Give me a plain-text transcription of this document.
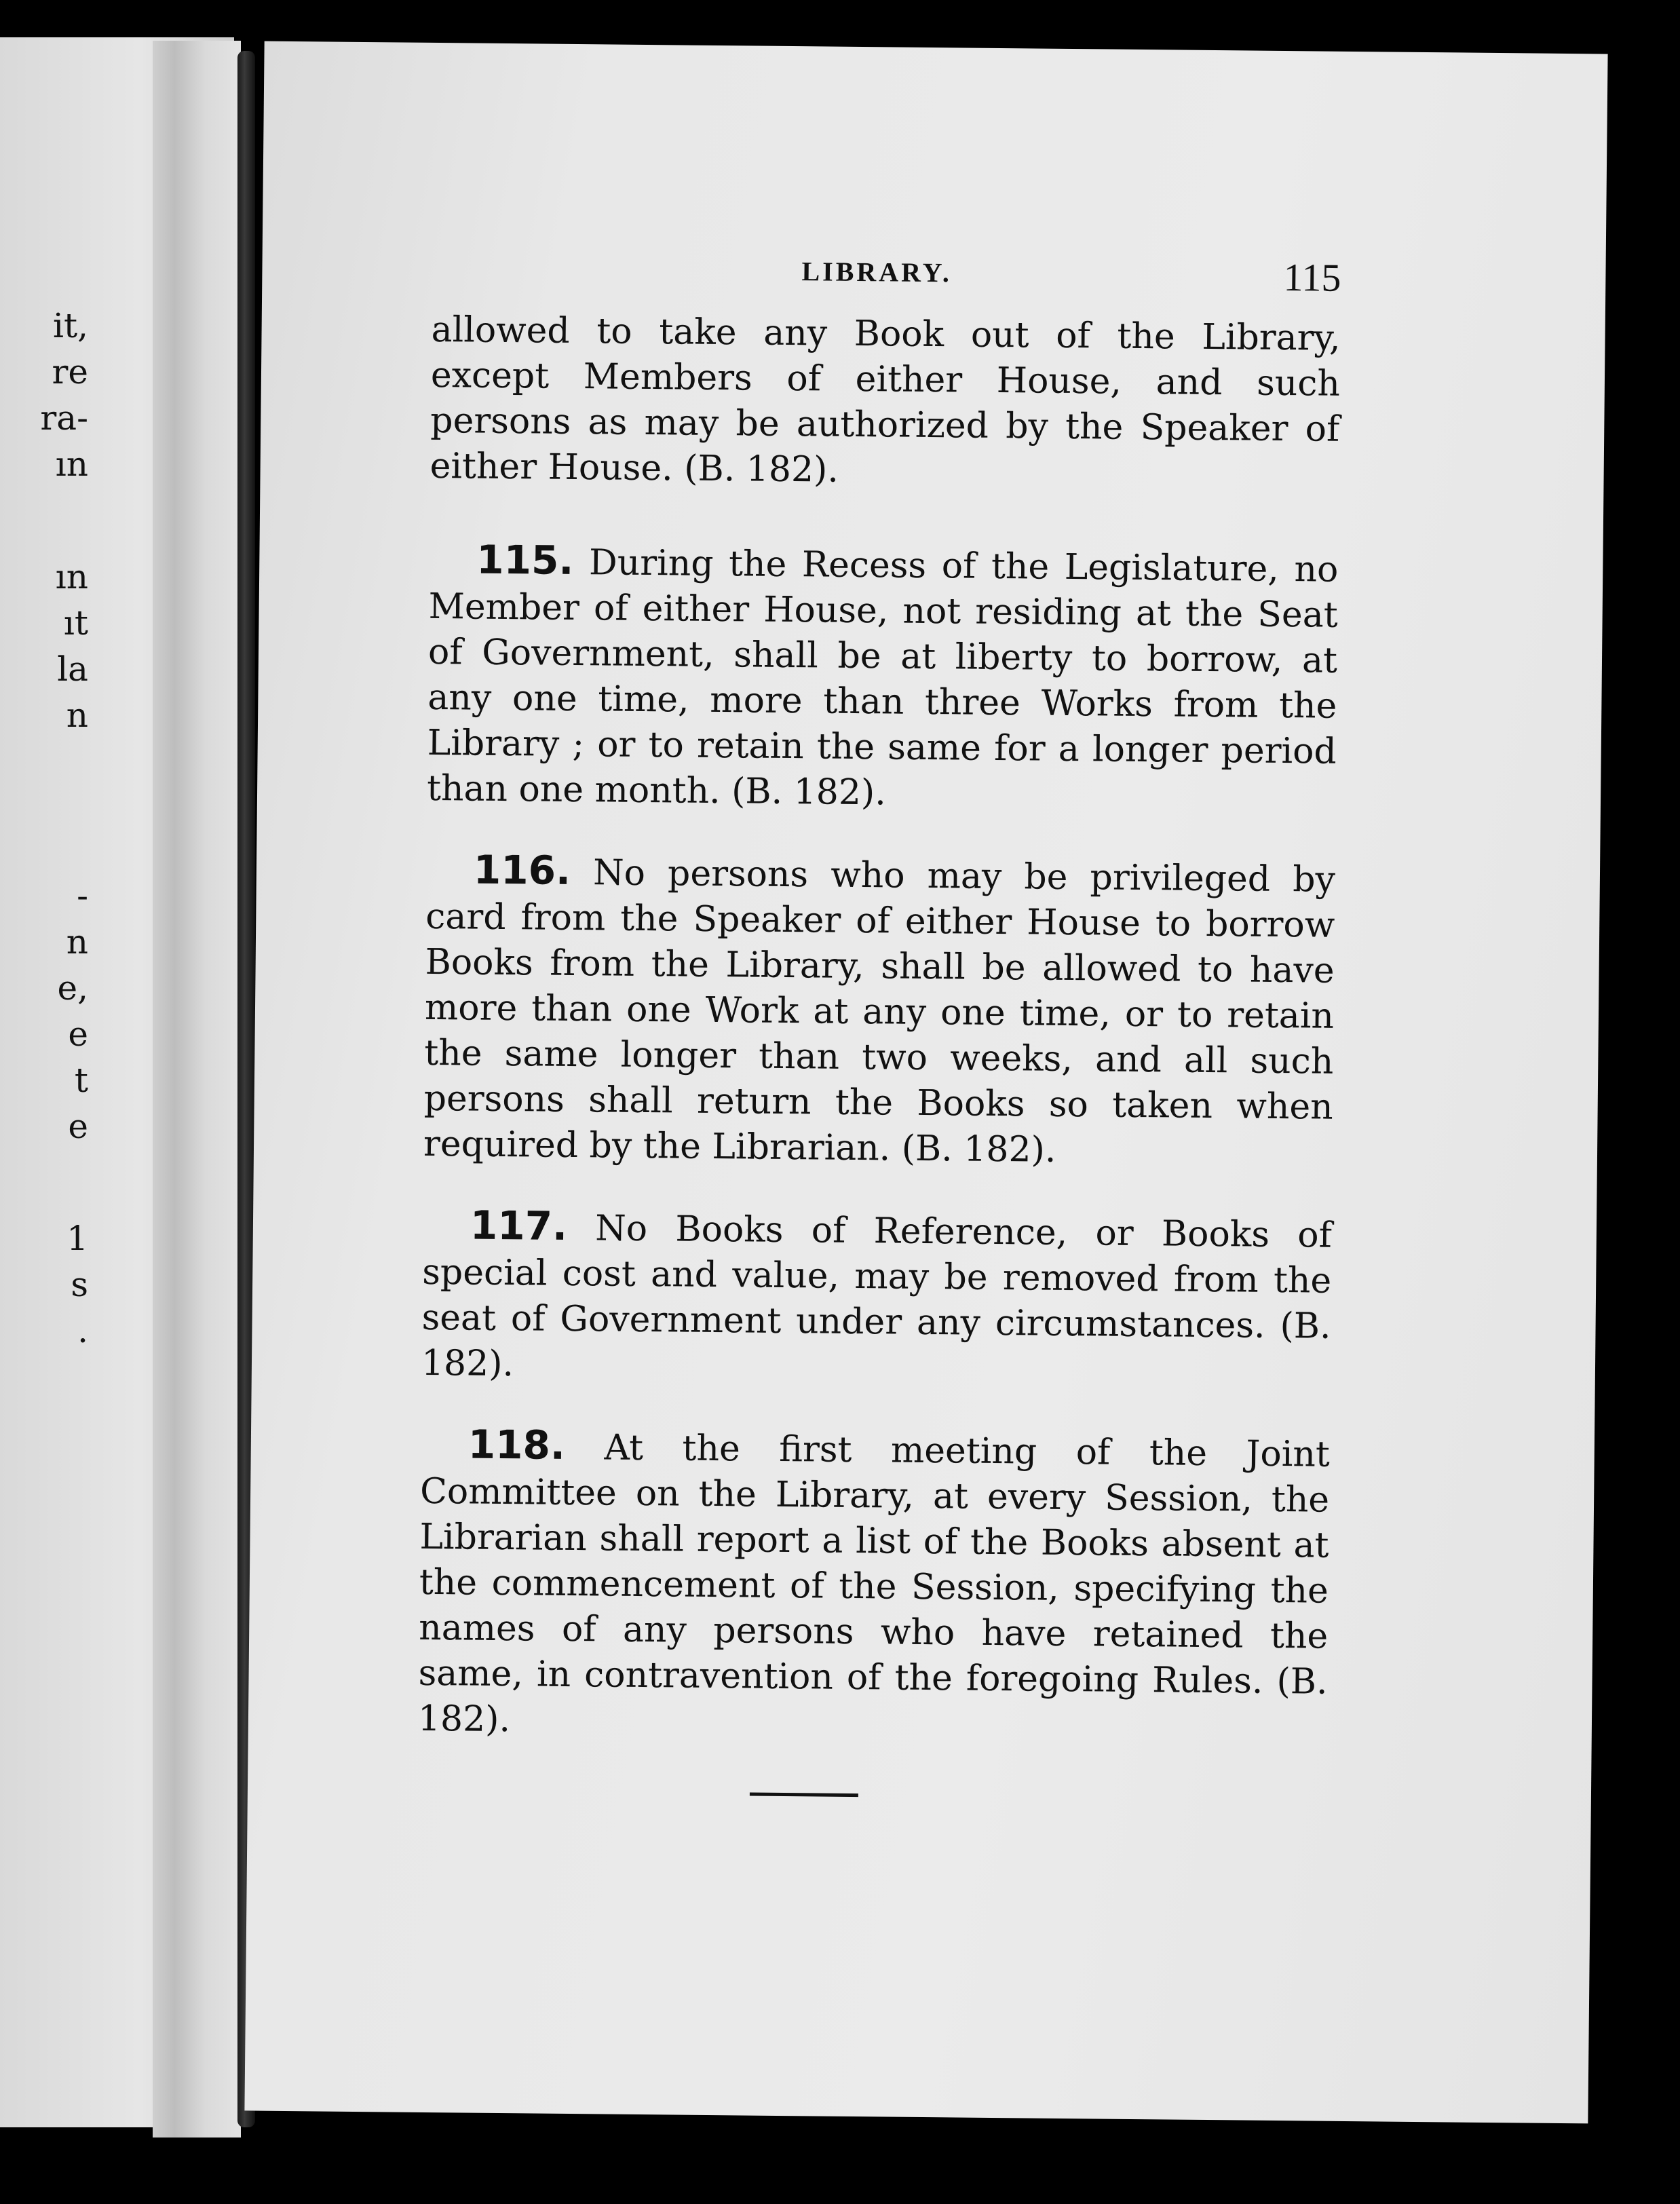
it,
re
ra-
ın
ın
ıt
la
n
-
n
e,
e
t
e
1
s
.
LIBRARY.	115

allowed to take any Book out of the Library, except Members of either House, and such persons as may be authorized by the Speaker of either House. (B. 182).

115. During the Recess of the Legislature, no Member of either House, not residing at the Seat of Government, shall be at liberty to borrow, at any one time, more than three Works from the Library ; or to retain the same for a longer period than one month. (B. 182).

116. No persons who may be privileged by card from the Speaker of either House to borrow Books from the Library, shall be allowed to have more than one Work at any one time, or to retain the same longer than two weeks, and all such persons shall return the Books so taken when required by the Librarian. (B. 182).

117. No Books of Reference, or Books of special cost and value, may be removed from the seat of Government under any circumstances. (B. 182).

118. At the first meeting of the Joint Committee on the Library, at every Session, the Librarian shall report a list of the Books absent at the commencement of the Session, specifying the names of any persons who have retained the same, in contravention of the foregoing Rules. (B. 182).
